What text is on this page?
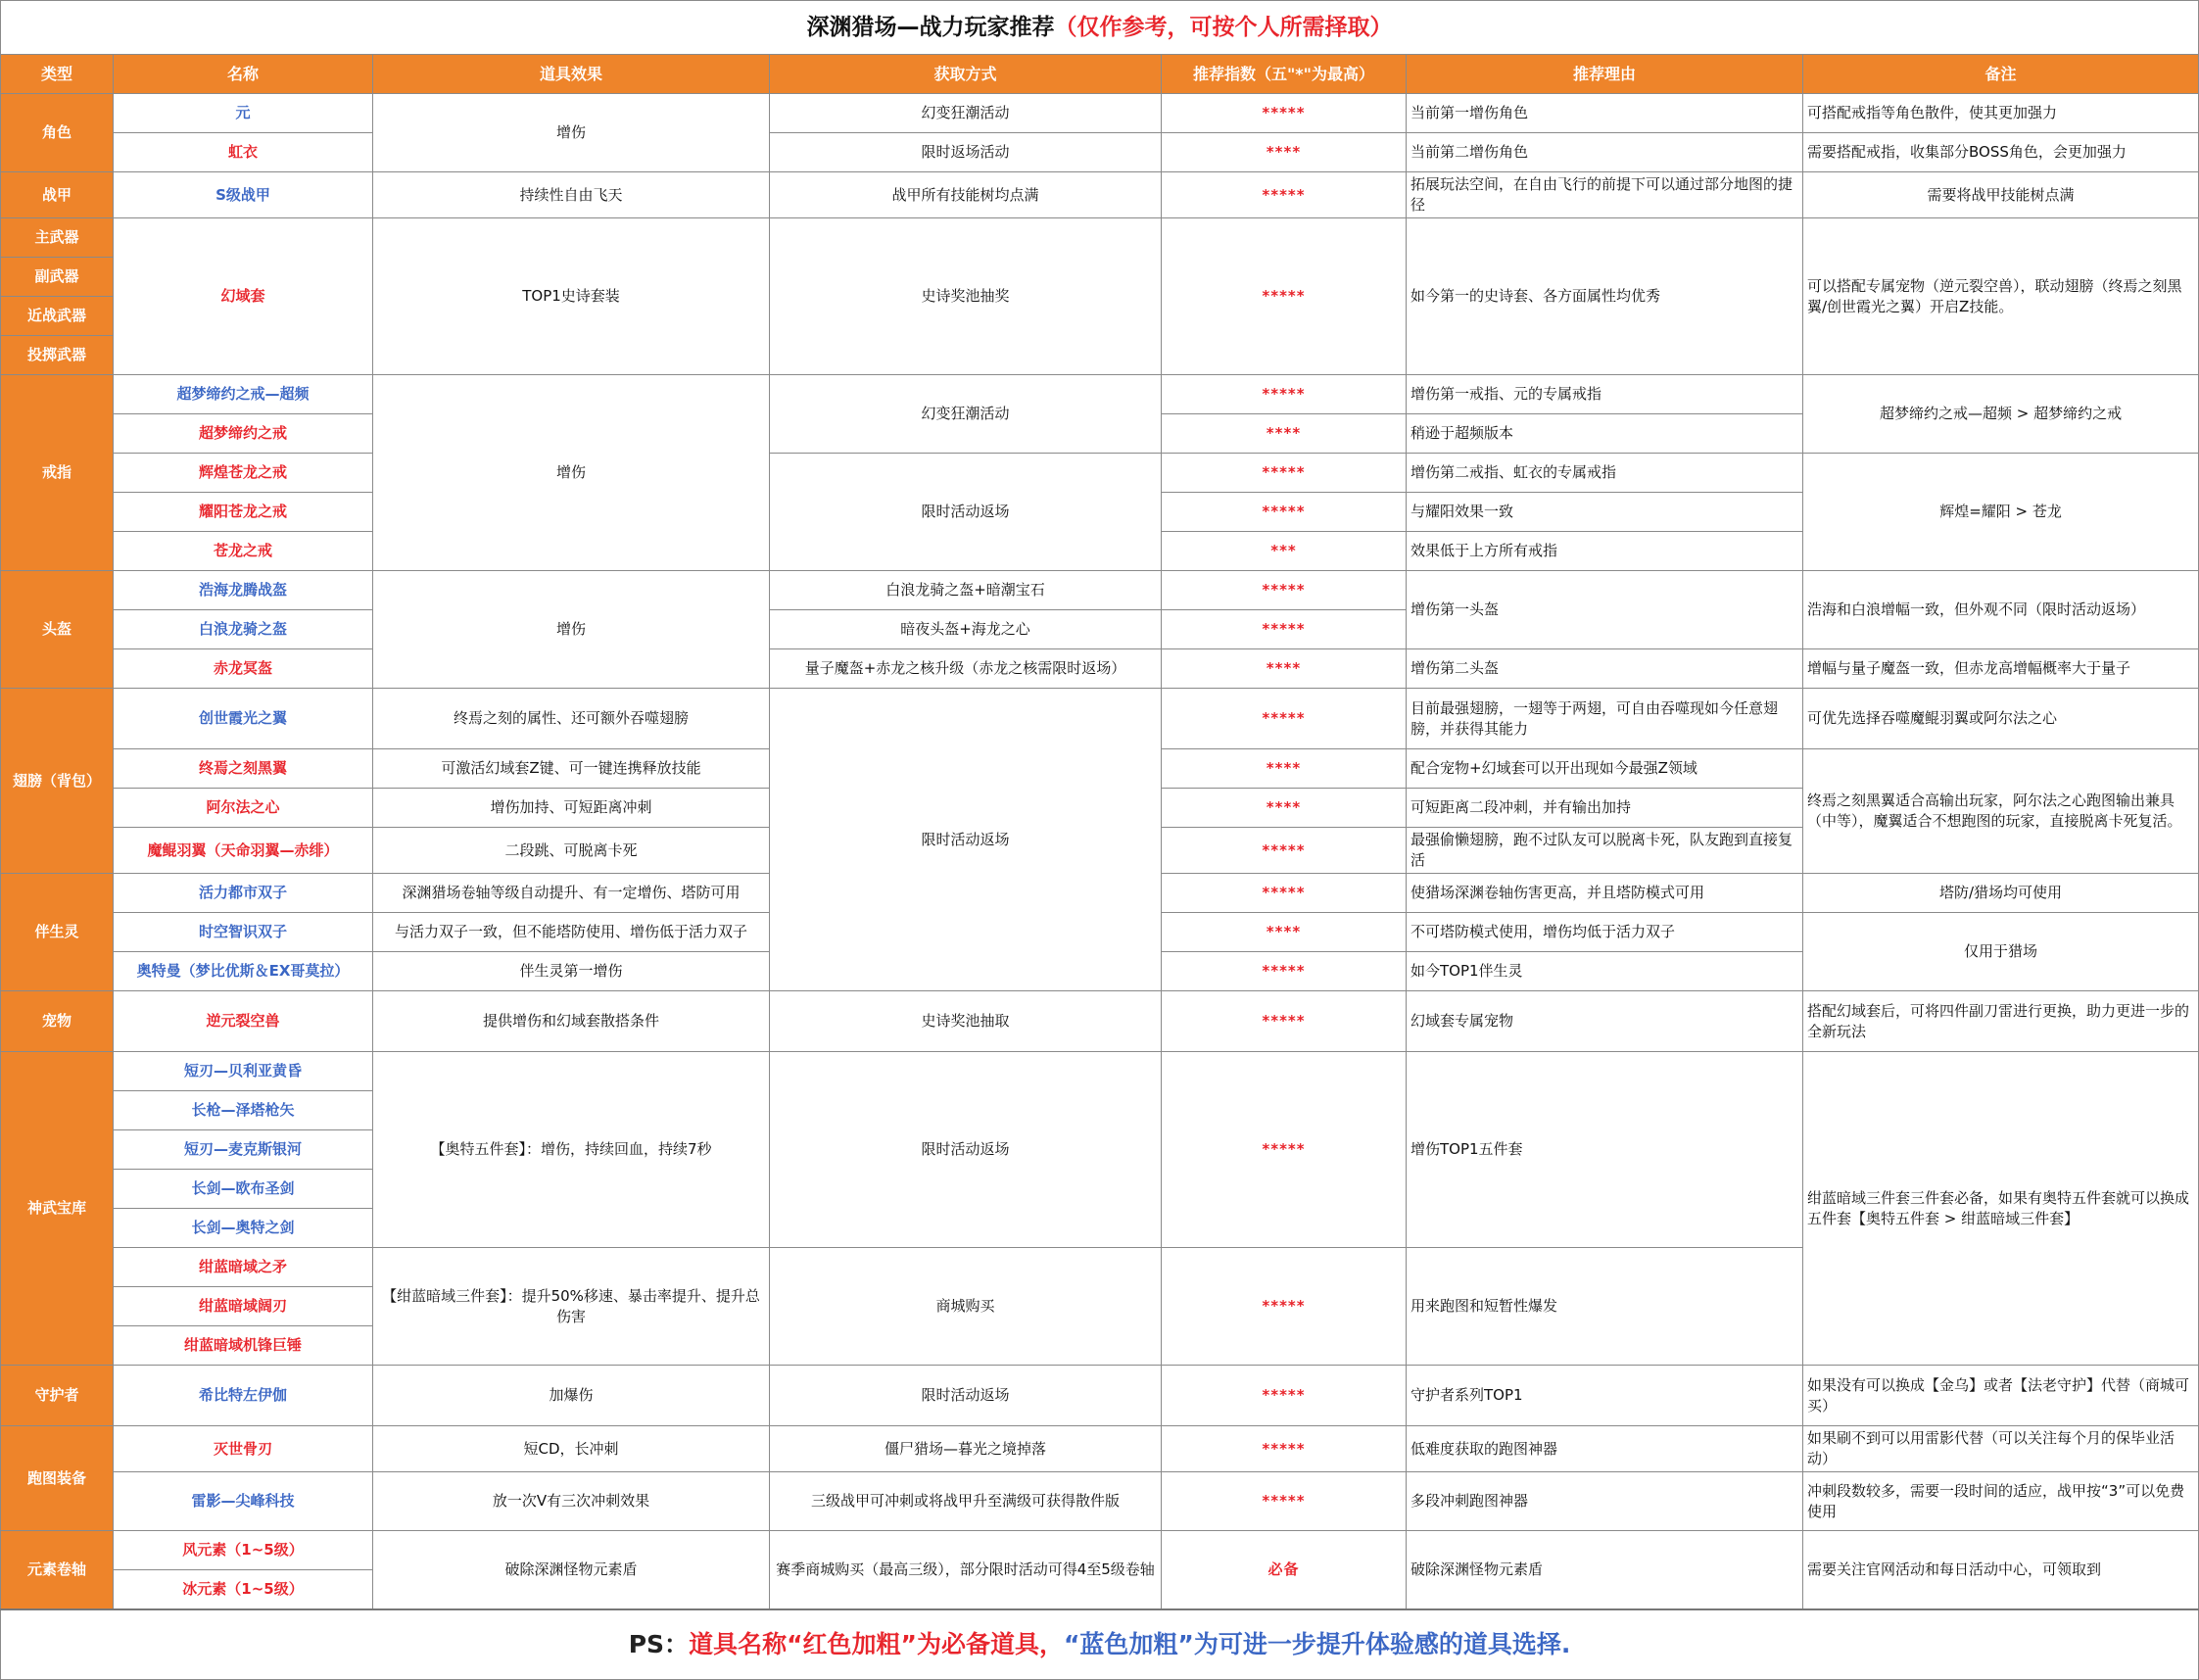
深渊猎场—战力玩家推荐（仅作参考，可按个人所需择取）						
类型	名称	道具效果	获取方式	推荐指数（五"*"为最高）	推荐理由	备注
角色	元	增伤	幻变狂潮活动	*****	当前第一增伤角色	可搭配戒指等角色散件，使其更加强力
	虹衣		限时返场活动	****	当前第二增伤角色	需要搭配戒指，收集部分BOSS角色，会更加强力
战甲	S级战甲	持续性自由飞天	战甲所有技能树均点满	*****	拓展玩法空间，在自由飞行的前提下可以通过部分地图的捷径	需要将战甲技能树点满
主武器	幻域套	TOP1史诗套装	史诗奖池抽奖	*****	如今第一的史诗套、各方面属性均优秀	可以搭配专属宠物（逆元裂空兽），联动翅膀（终焉之刻黑翼/创世霞光之翼）开启Z技能。
副武器						
近战武器						
投掷武器						
戒指	超梦缔约之戒—超频	增伤	幻变狂潮活动	*****	增伤第一戒指、元的专属戒指	超梦缔约之戒—超频 > 超梦缔约之戒
	超梦缔约之戒			****	稍逊于超频版本	
	辉煌苍龙之戒		限时活动返场	*****	增伤第二戒指、虹衣的专属戒指	辉煌=耀阳 > 苍龙
	耀阳苍龙之戒			*****	与耀阳效果一致	
	苍龙之戒			***	效果低于上方所有戒指	
头盔	浩海龙腾战盔	增伤	白浪龙骑之盔+暗潮宝石	*****	增伤第一头盔	浩海和白浪增幅一致，但外观不同（限时活动返场）
	白浪龙骑之盔		暗夜头盔+海龙之心	*****		
	赤龙冥盔		量子魔盔+赤龙之核升级（赤龙之核需限时返场）	****	增伤第二头盔	增幅与量子魔盔一致，但赤龙高增幅概率大于量子
翅膀（背包）	创世霞光之翼	终焉之刻的属性、还可额外吞噬翅膀	限时活动返场	*****	目前最强翅膀，一翅等于两翅，可自由吞噬现如今任意翅膀，并获得其能力	可优先选择吞噬魔鲲羽翼或阿尔法之心
	终焉之刻黑翼	可激活幻域套Z键、可一键连携释放技能		****	配合宠物+幻域套可以开出现如今最强Z领域	终焉之刻黑翼适合高输出玩家，阿尔法之心跑图输出兼具（中等），魔翼适合不想跑图的玩家，直接脱离卡死复活。
	阿尔法之心	增伤加持、可短距离冲刺		****	可短距离二段冲刺，并有输出加持	
	魔鲲羽翼（天命羽翼—赤绯）	二段跳、可脱离卡死		*****	最强偷懒翅膀，跑不过队友可以脱离卡死，队友跑到直接复活	
伴生灵	活力都市双子	深渊猎场卷轴等级自动提升、有一定增伤、塔防可用		*****	使猎场深渊卷轴伤害更高，并且塔防模式可用	塔防/猎场均可使用
	时空智识双子	与活力双子一致，但不能塔防使用、增伤低于活力双子		****	不可塔防模式使用，增伤均低于活力双子	仅用于猎场
	奥特曼（梦比优斯＆EX哥莫拉）	伴生灵第一增伤		*****	如今TOP1伴生灵	
宠物	逆元裂空兽	提供增伤和幻域套散搭条件	史诗奖池抽取	*****	幻域套专属宠物	搭配幻域套后，可将四件副刀雷进行更换，助力更进一步的全新玩法
神武宝库	短刃—贝利亚黄昏	【奥特五件套】：增伤，持续回血，持续7秒	限时活动返场	*****	增伤TOP1五件套	绀蓝暗域三件套三件套必备，如果有奥特五件套就可以换成五件套【奥特五件套 > 绀蓝暗域三件套】
	长枪—泽塔枪矢					
	短刃—麦克斯银河					
	长剑—欧布圣剑					
	长剑—奥特之剑					
	绀蓝暗域之矛	【绀蓝暗域三件套】：提升50%移速、暴击率提升、提升总伤害	商城购买	*****	用来跑图和短暂性爆发	
	绀蓝暗域阔刃					
	绀蓝暗域机锋巨锤					
守护者	希比特左伊伽	加爆伤	限时活动返场	*****	守护者系列TOP1	如果没有可以换成【金乌】或者【法老守护】代替（商城可买）
跑图装备	灭世骨刃	短CD，长冲刺	僵尸猎场—暮光之境掉落	*****	低难度获取的跑图神器	如果刷不到可以用雷影代替（可以关注每个月的保毕业活动）
	雷影—尖峰科技	放一次V有三次冲刺效果	三级战甲可冲刺或将战甲升至满级可获得散件版	*****	多段冲刺跑图神器	冲刺段数较多，需要一段时间的适应，战甲按“3”可以免费使用
元素卷轴	风元素（1~5级）	破除深渊怪物元素盾	赛季商城购买（最高三级），部分限时活动可得4至5级卷轴	必备	破除深渊怪物元素盾	需要关注官网活动和每日活动中心，可领取到
	冰元素（1~5级）					
PS：道具名称“红色加粗”为必备道具，“蓝色加粗”为可进一步提升体验感的道具选择.						
